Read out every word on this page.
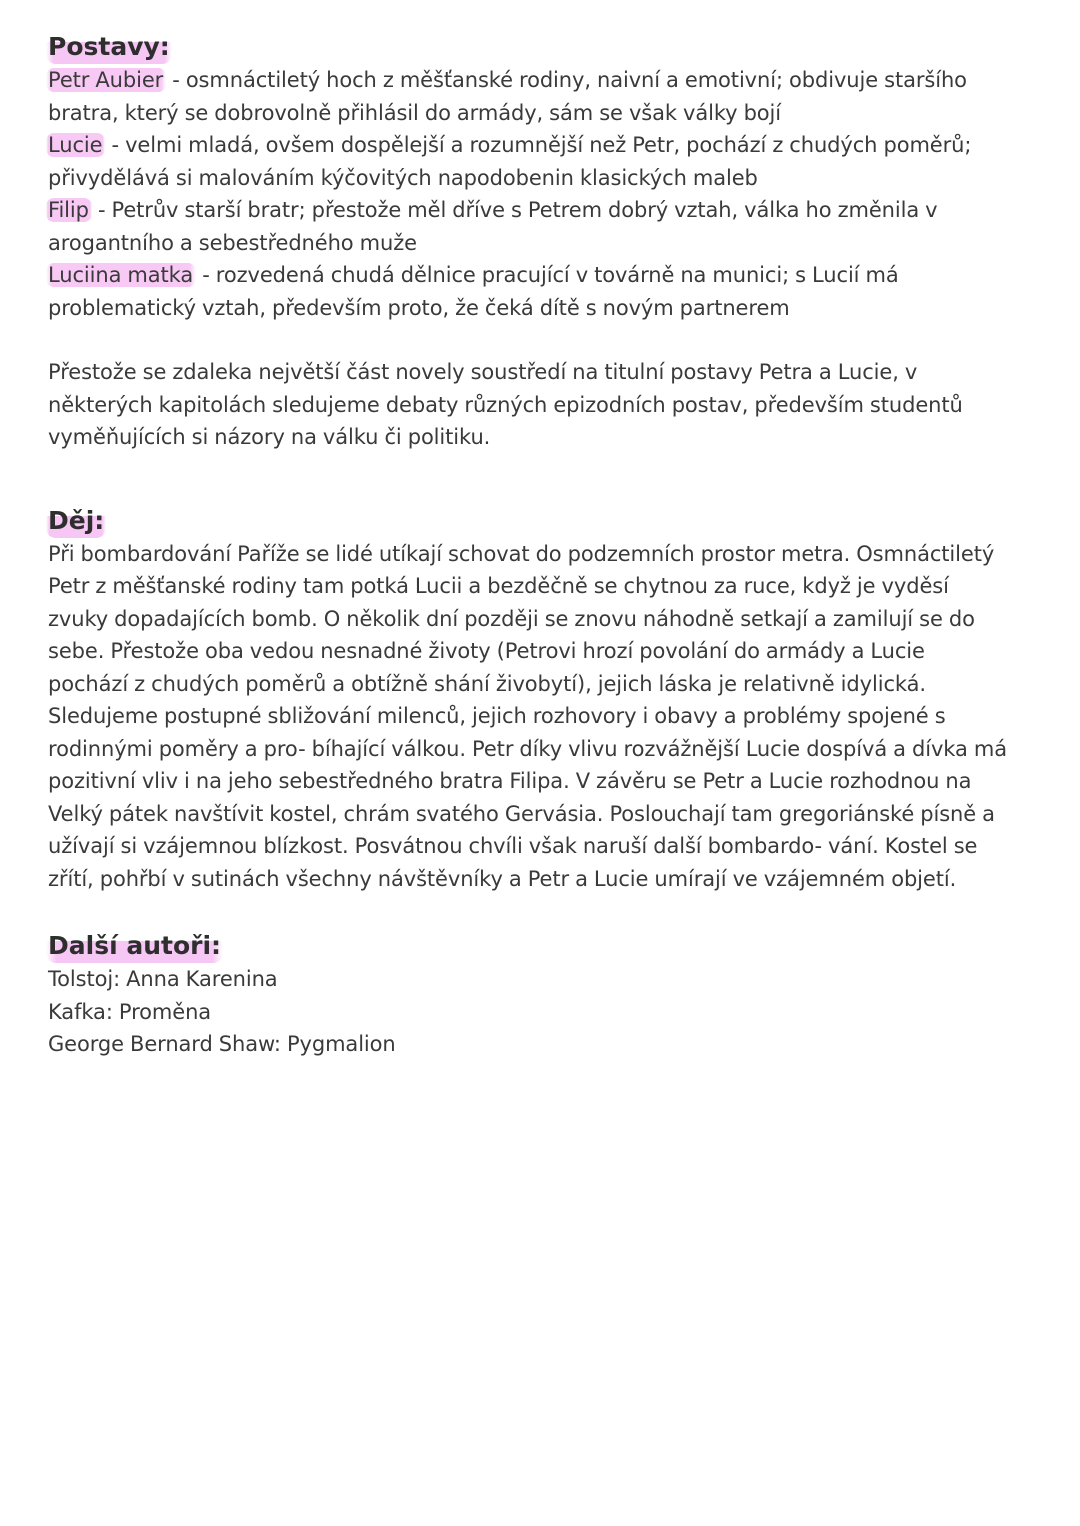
Postavy:
Petr Aubier - osmnáctiletý hoch z měšťanské rodiny, naivní a emotivní; obdivuje staršího
bratra, který se dobrovolně přihlásil do armády, sám se však války bojí
Lucie - velmi mladá, ovšem dospělejší a rozumnější než Petr, pochází z chudých poměrů;
přivydělává si malováním kýčovitých napodobenin klasických maleb
Filip - Petrův starší bratr; přestože měl dříve s Petrem dobrý vztah, válka ho změnila v
arogantního a sebestředného muže
Luciina matka - rozvedená chudá dělnice pracující v továrně na munici; s Lucií má
problematický vztah, především proto, že čeká dítě s novým partnerem
Přestože se zdaleka největší část novely soustředí na titulní postavy Petra a Lucie, v
některých kapitolách sledujeme debaty různých epizodních postav, především studentů
vyměňujících si názory na válku či politiku.
Děj:
Při bombardování Paříže se lidé utíkají schovat do podzemních prostor metra. Osmnáctiletý
Petr z měšťanské rodiny tam potká Lucii a bezděčně se chytnou za ruce, když je vyděsí
zvuky dopadajících bomb. O několik dní později se znovu náhodně setkají a zamilují se do
sebe. Přestože oba vedou nesnadné životy (Petrovi hrozí povolání do armády a Lucie
pochází z chudých poměrů a obtížně shání živobytí), jejich láska je relativně idylická.
Sledujeme postupné sbližování milenců, jejich rozhovory i obavy a problémy spojené s
rodinnými poměry a pro- bíhající válkou. Petr díky vlivu rozvážnější Lucie dospívá a dívka má
pozitivní vliv i na jeho sebestředného bratra Filipa. V závěru se Petr a Lucie rozhodnou na
Velký pátek navštívit kostel, chrám svatého Gervásia. Poslouchají tam gregoriánské písně a
užívají si vzájemnou blízkost. Posvátnou chvíli však naruší další bombardo- vání. Kostel se
zřítí, pohřbí v sutinách všechny návštěvníky a Petr a Lucie umírají ve vzájemném objetí.
Další autoři:
Tolstoj: Anna Karenina
Kafka: Proměna
George Bernard Shaw: Pygmalion
